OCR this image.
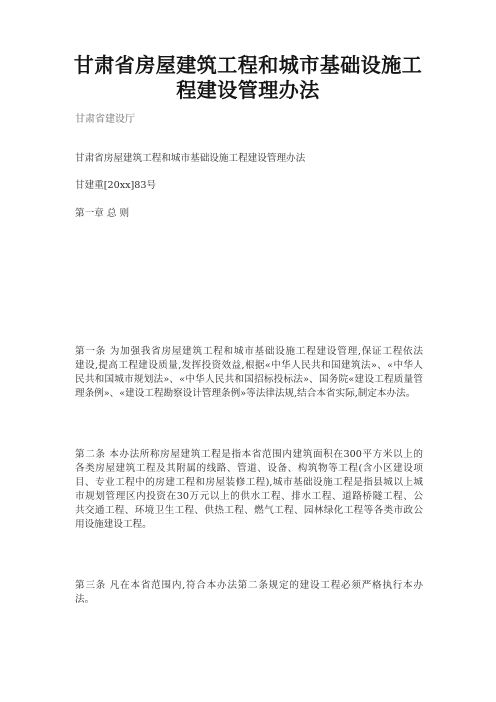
甘肃省房屋建筑工程和城市基础设施工
程建设管理办法
甘肃省建设厅
甘肃省房屋建筑工程和城市基础设施工程建设管理办法
甘建重[20xx]83号
第一章 总 则
第一条 为加强我省房屋建筑工程和城市基础设施工程建设管理,保证工程依法
建设,提高工程建设质量,发挥投资效益,根据«中华人民共和国建筑法»、«中华人
民共和国城市规划法»、«中华人民共和国招标投标法»、国务院«建设工程质量管
理条例»、«建设工程勘察设计管理条例»等法律法规,结合本省实际,制定本办法。
第二条 本办法所称房屋建筑工程是指本省范围内建筑面积在300平方米以上的
各类房屋建筑工程及其附属的线路、管道、设备、构筑物等工程(含小区建设项
目、专业工程中的房建工程和房屋装修工程),城市基础设施工程是指县城以上城
市规划管理区内投资在30万元以上的供水工程、排水工程、道路桥隧工程、公
共交通工程、环境卫生工程、供热工程、燃气工程、园林绿化工程等各类市政公
用设施建设工程。
第三条 凡在本省范围内,符合本办法第二条规定的建设工程必须严格执行本办
法。
